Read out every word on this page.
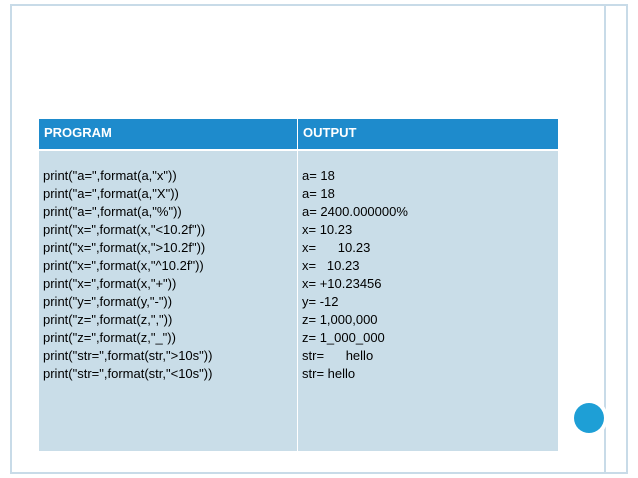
PROGRAM	OUTPUT
print("a=",format(a,"x"))
print("a=",format(a,"X"))
print("a=",format(a,"%"))
print("x=",format(x,"<10.2f"))
print("x=",format(x,">10.2f"))
print("x=",format(x,"^10.2f"))
print("x=",format(x,"+"))
print("y=",format(y,"-"))
print("z=",format(z,","))
print("z=",format(z,"_"))
print("str=",format(str,">10s"))
print("str=",format(str,"<10s"))
a= 18
a= 18
a= 2400.000000%
x= 10.23
x=      10.23
x=   10.23
x= +10.23456
y= -12
z= 1,000,000
z= 1_000_000
str=      hello
str= hello
